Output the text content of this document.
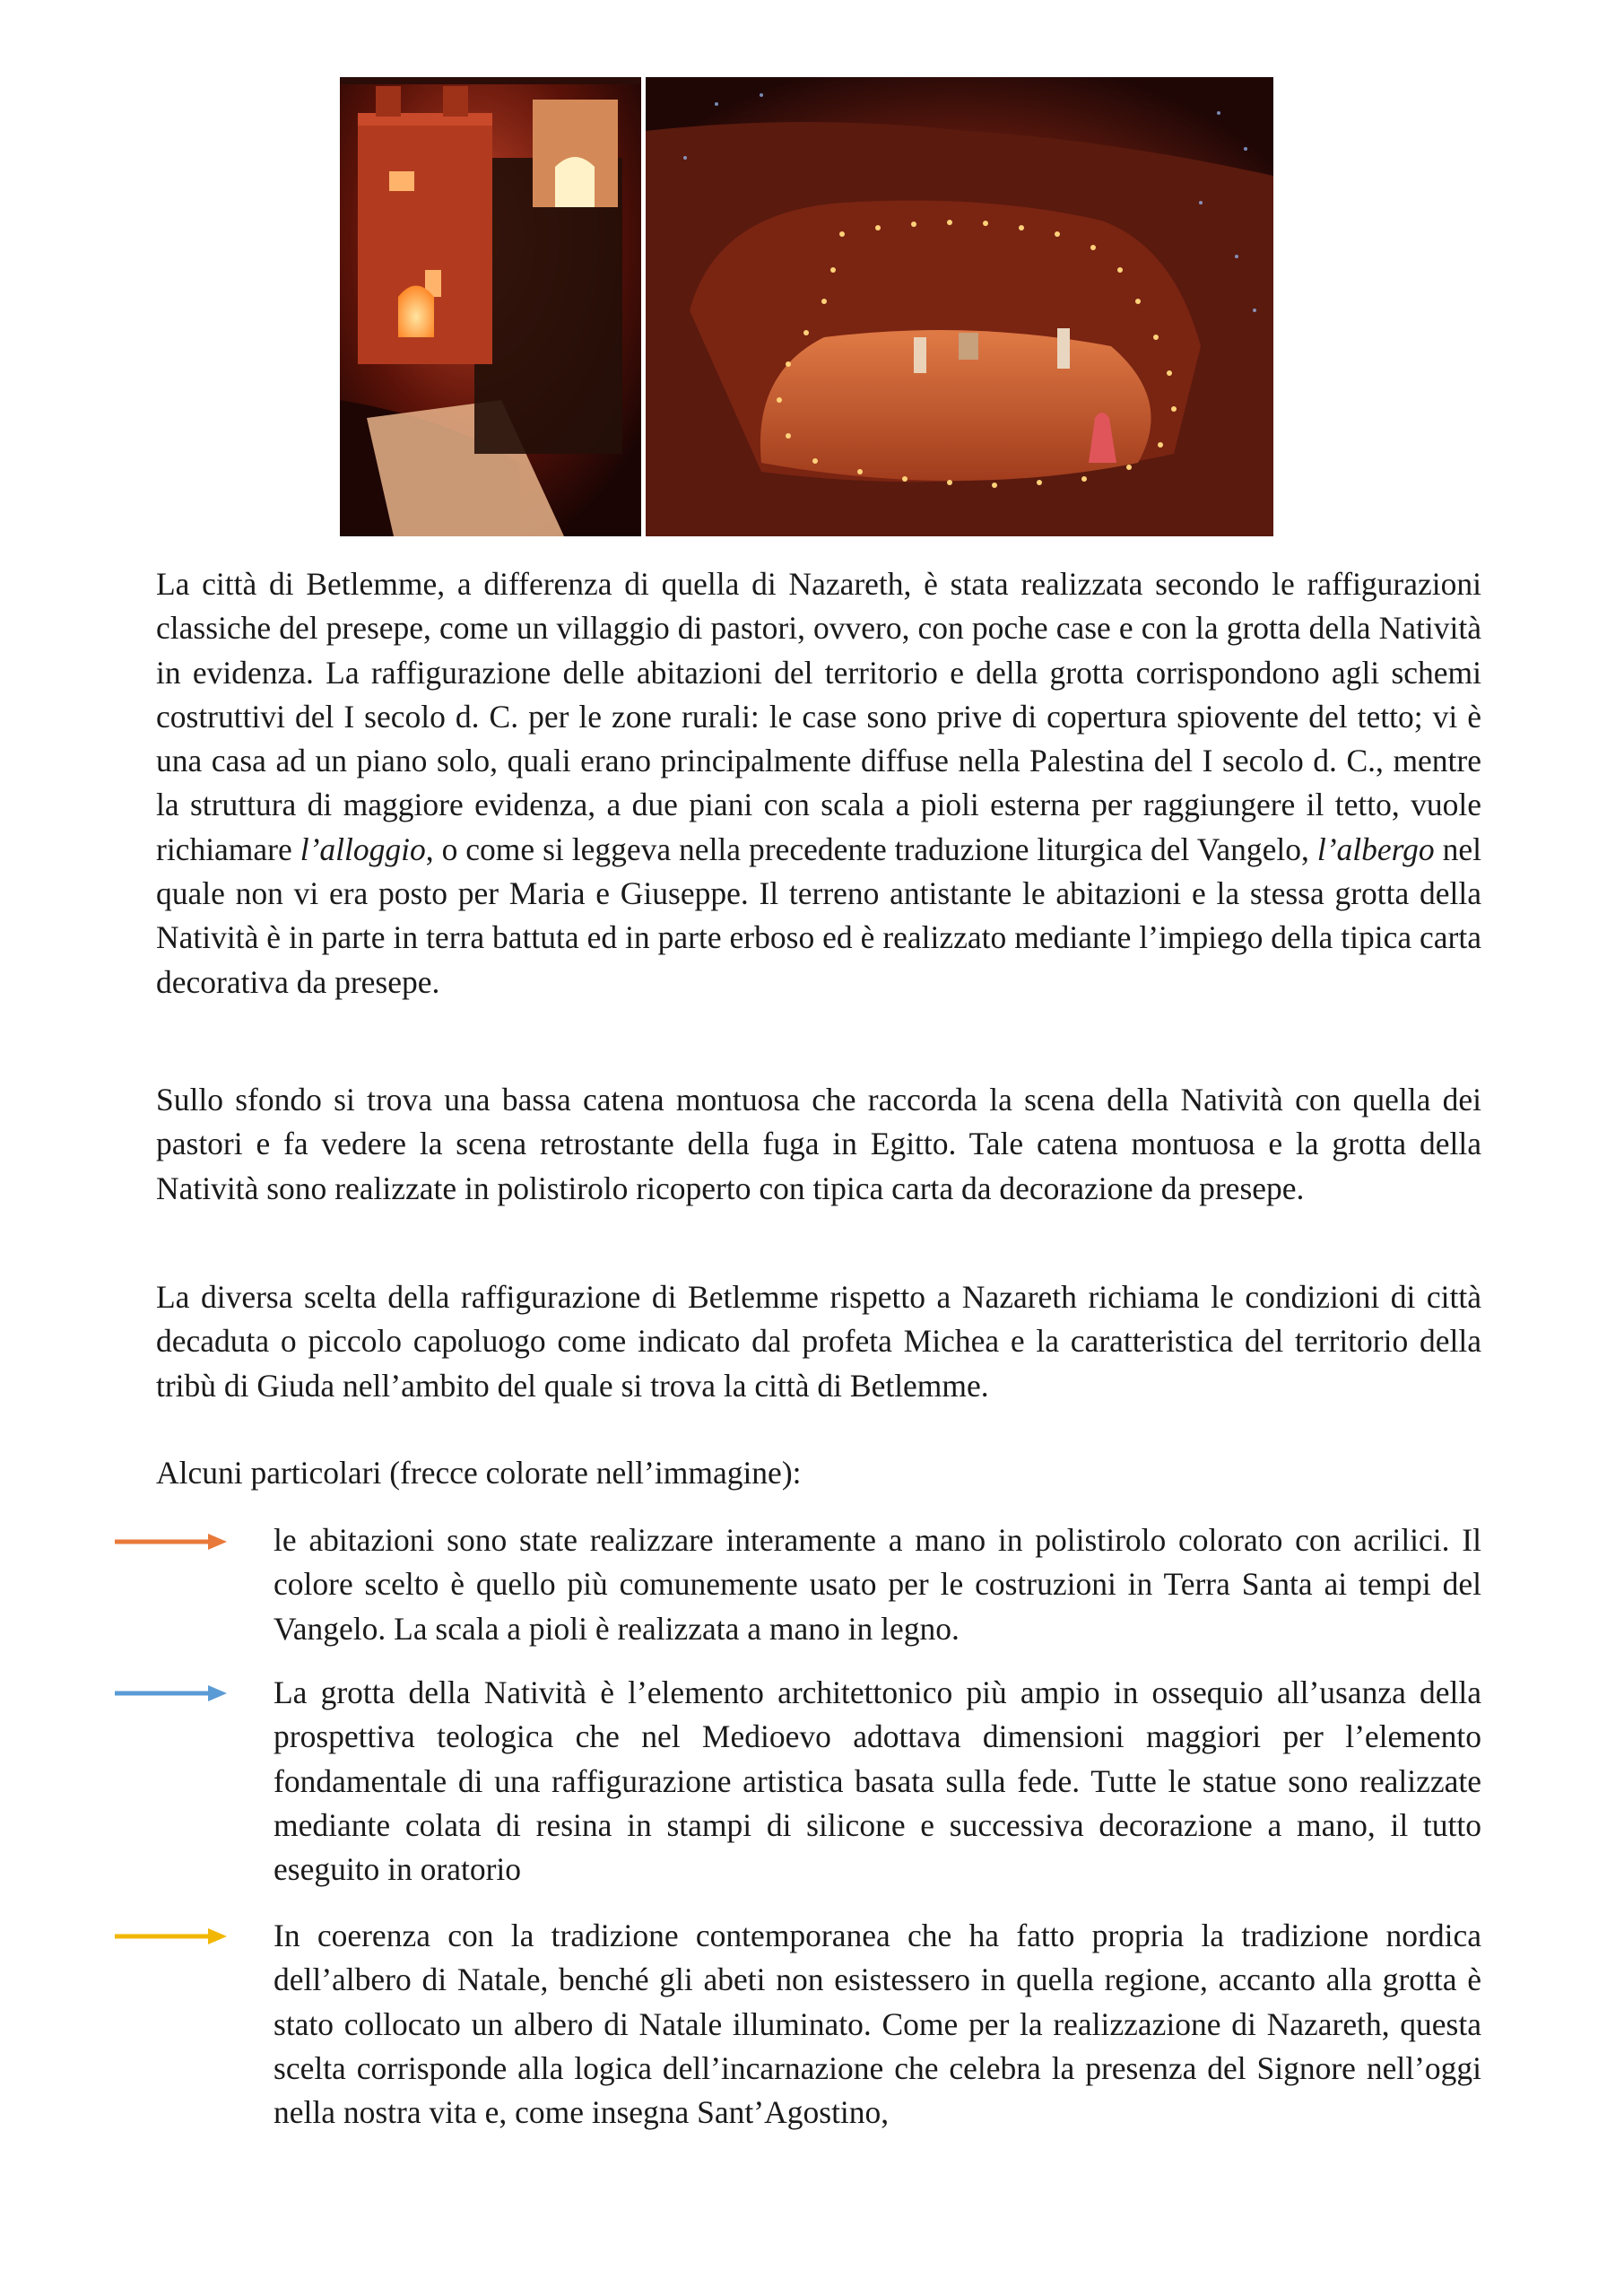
La città di Betlemme, a differenza di quella di Nazareth, è stata realizzata secondo le raffigurazioni classiche del presepe, come un villaggio di pastori, ovvero, con poche case e con la grotta della Natività in evidenza. La raffigurazione delle abitazioni del territorio e della grotta corrispondono agli schemi costruttivi del I secolo d. C. per le zone rurali: le case sono prive di copertura spiovente del tetto; vi è una casa ad un piano solo, quali erano principalmente diffuse nella Palestina del I secolo d. C., mentre la struttura di maggiore evidenza, a due piani con scala a pioli esterna per raggiungere il tetto, vuole richiamare l’alloggio, o come si leggeva nella precedente traduzione liturgica del Vangelo, l’albergo nel quale non vi era posto per Maria e Giuseppe. Il terreno antistante le abitazioni e la stessa grotta della Natività è in parte in terra battuta ed in parte erboso ed è realizzato mediante l’impiego della tipica carta decorativa da presepe.

Sullo sfondo si trova una bassa catena montuosa che raccorda la scena della Natività con quella dei pastori e fa vedere la scena retrostante della fuga in Egitto. Tale catena montuosa e la grotta della Natività sono realizzate in polistirolo ricoperto con tipica carta da decorazione da presepe.

La diversa scelta della raffigurazione di Betlemme rispetto a Nazareth richiama le condizioni di città decaduta o piccolo capoluogo come indicato dal profeta Michea e la caratteristica del territorio della tribù di Giuda nell’ambito del quale si trova la città di Betlemme.

Alcuni particolari (frecce colorate nell’immagine):

le abitazioni sono state realizzare interamente a mano in polistirolo colorato con acrilici. Il colore scelto è quello più comunemente usato per le costruzioni in Terra Santa ai tempi del Vangelo. La scala a pioli è realizzata a mano in legno.

La grotta della Natività è l’elemento architettonico più ampio in ossequio all’usanza della prospettiva teologica che nel Medioevo adottava dimensioni maggiori per l’elemento fondamentale di una raffigurazione artistica basata sulla fede. Tutte le statue sono realizzate mediante colata di resina in stampi di silicone e successiva decorazione a mano, il tutto eseguito in oratorio

In coerenza con la tradizione contemporanea che ha fatto propria la tradizione nordica dell’albero di Natale, benché gli abeti non esistessero in quella regione, accanto alla grotta è stato collocato un albero di Natale illuminato. Come per la realizzazione di Nazareth, questa scelta corrisponde alla logica dell’incarnazione che celebra la presenza del Signore nell’oggi nella nostra vita e, come insegna Sant’Agostino,
